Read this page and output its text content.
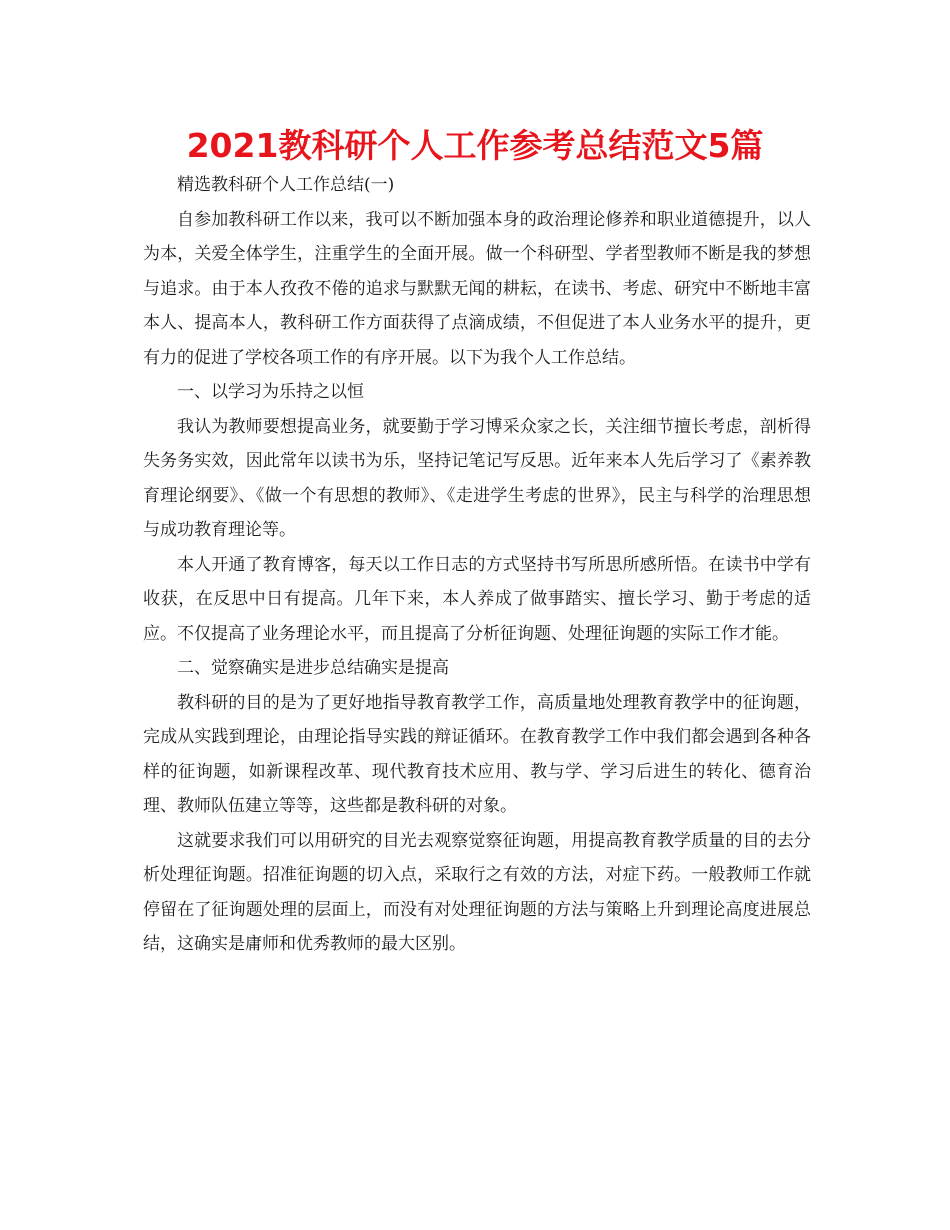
2021教科研个人工作参考总结范文5篇

精选教科研个人工作总结(一)

自参加教科研工作以来，我可以不断加强本身的政治理论修养和职业道德提升，以人为本，关爱全体学生，注重学生的全面开展。做一个科研型、学者型教师不断是我的梦想与追求。由于本人孜孜不倦的追求与默默无闻的耕耘，在读书、考虑、研究中不断地丰富本人、提高本人，教科研工作方面获得了点滴成绩，不但促进了本人业务水平的提升，更有力的促进了学校各项工作的有序开展。以下为我个人工作总结。

一、以学习为乐持之以恒

我认为教师要想提高业务，就要勤于学习博采众家之长，关注细节擅长考虑，剖析得失务务实效，因此常年以读书为乐，坚持记笔记写反思。近年来本人先后学习了《素养教育理论纲要》、《做一个有思想的教师》、《走进学生考虑的世界》，民主与科学的治理思想与成功教育理论等。

本人开通了教育博客，每天以工作日志的方式坚持书写所思所感所悟。在读书中学有收获，在反思中日有提高。几年下来，本人养成了做事踏实、擅长学习、勤于考虑的适应。不仅提高了业务理论水平，而且提高了分析征询题、处理征询题的实际工作才能。

二、觉察确实是进步总结确实是提高

教科研的目的是为了更好地指导教育教学工作，高质量地处理教育教学中的征询题，完成从实践到理论，由理论指导实践的辩证循环。在教育教学工作中我们都会遇到各种各样的征询题，如新课程改革、现代教育技术应用、教与学、学习后进生的转化、德育治理、教师队伍建立等等，这些都是教科研的对象。

这就要求我们可以用研究的目光去观察觉察征询题，用提高教育教学质量的目的去分析处理征询题。招准征询题的切入点，采取行之有效的方法，对症下药。一般教师工作就停留在了征询题处理的层面上，而没有对处理征询题的方法与策略上升到理论高度进展总结，这确实是庸师和优秀教师的最大区别。
